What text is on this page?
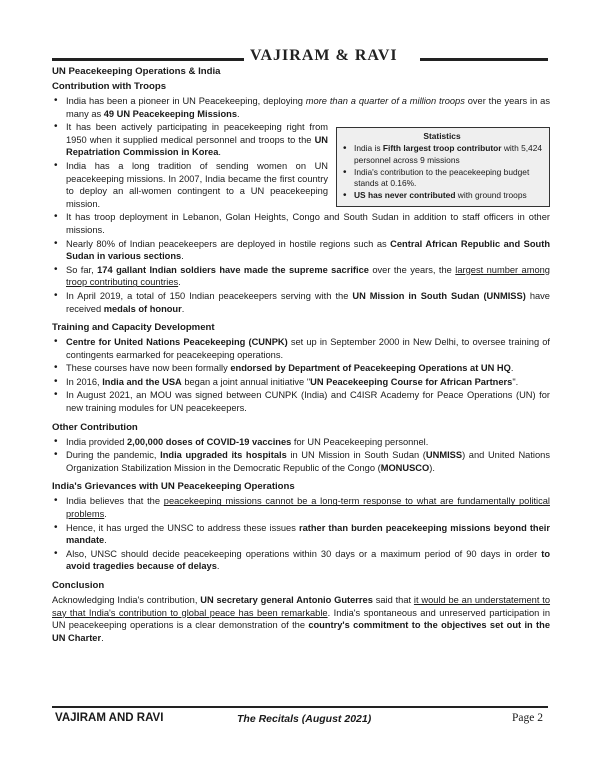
VAJIRAM & RAVI
UN Peacekeeping Operations & India
Contribution with Troops
• India has been a pioneer in UN Peacekeeping, deploying more than a quarter of a million troops over the years in as many as 49 UN Peacekeeping Missions.
Statistics
• India is Fifth largest troop contributor with 5,424 personnel across 9 missions
• India's contribution to the peacekeeping budget stands at 0.16%.
• US has never contributed with ground troops
• It has been actively participating in peacekeeping right from 1950 when it supplied medical personnel and troops to the UN Repatriation Commission in Korea.
• India has a long tradition of sending women on UN peacekeeping missions. In 2007, India became the first country to deploy an all-women contingent to a UN peacekeeping mission.
• It has troop deployment in Lebanon, Golan Heights, Congo and South Sudan in addition to staff officers in other missions.
• Nearly 80% of Indian peacekeepers are deployed in hostile regions such as Central African Republic and South Sudan in various sections.
• So far, 174 gallant Indian soldiers have made the supreme sacrifice over the years, the largest number among troop contributing countries.
• In April 2019, a total of 150 Indian peacekeepers serving with the UN Mission in South Sudan (UNMISS) have received medals of honour.
Training and Capacity Development
• Centre for United Nations Peacekeeping (CUNPK) set up in September 2000 in New Delhi, to oversee training of contingents earmarked for peacekeeping operations.
• These courses have now been formally endorsed by Department of Peacekeeping Operations at UN HQ.
• In 2016, India and the USA began a joint annual initiative "UN Peacekeeping Course for African Partners".
• In August 2021, an MOU was signed between CUNPK (India) and C4ISR Academy for Peace Operations (UN) for new training modules for UN peacekeepers.
Other Contribution
• India provided 2,00,000 doses of COVID-19 vaccines for UN Peacekeeping personnel.
• During the pandemic, India upgraded its hospitals in UN Mission in South Sudan (UNMISS) and United Nations Organization Stabilization Mission in the Democratic Republic of the Congo (MONUSCO).
India's Grievances with UN Peacekeeping Operations
• India believes that the peacekeeping missions cannot be a long-term response to what are fundamentally political problems.
• Hence, it has urged the UNSC to address these issues rather than burden peacekeeping missions beyond their mandate.
• Also, UNSC should decide peacekeeping operations within 30 days or a maximum period of 90 days in order to avoid tragedies because of delays.
Conclusion

Acknowledging India's contribution, UN secretary general Antonio Guterres said that it would be an understatement to say that India's contribution to global peace has been remarkable. India's spontaneous and unreserved participation in UN peacekeeping operations is a clear demonstration of the country's commitment to the objectives set out in the UN Charter.

VAJIRAM AND RAVI	The Recitals (August 2021)	Page 2
